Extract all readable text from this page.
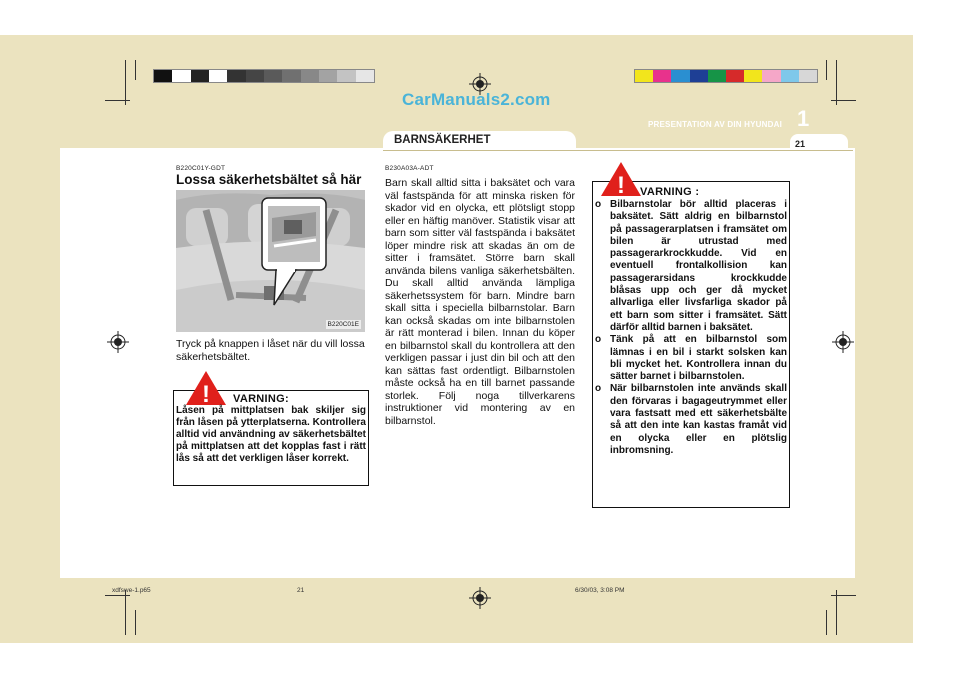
CarManuals2.com
BARNSÄKERHET
PRESENTATION AV DIN HYUNDAI 1
21
B220C01Y-GDT
Lossa säkerhetsbältet så här
B220C01E
Tryck på knappen i låset när du vill lossa säkerhetsbältet.
! VARNING:
Låsen på mittplatsen bak skiljer sig från låsen på ytterplatserna. Kontrollera alltid vid användning av säkerhetsbältet på mittplatsen att det kopplas fast i rätt lås så att det verkligen låser korrekt.
B230A03A-ADT
Barn skall alltid sitta i baksätet och vara väl fastspända för att minska risken för skador vid en olycka, ett plötsligt stopp eller en häftig manöver. Statistik visar att barn som sitter väl fastspända i baksätet löper mindre risk att skadas än om de sitter i framsätet. Större barn skall använda bilens vanliga säkerhetsbälten. Du skall alltid använda lämpliga säkerhetssystem för barn. Mindre barn skall sitta i speciella bilbarnstolar. Barn kan också skadas om inte bilbarnstolen är rätt monterad i bilen. Innan du köper en bilbarnstol skall du kontrollera att den verkligen passar i just din bil och att den kan sättas fast ordentligt. Bilbarnstolen måste också ha en till barnet passande storlek. Följ noga tillverkarens instruktioner vid montering av en bilbarnstol.
! VARNING :
o Bilbarnstolar bör alltid placeras i baksätet. Sätt aldrig en bilbarnstol på passagerarplatsen i framsätet om bilen är utrustad med passagerarkrockkudde. Vid en eventuell frontalkollision kan passagerarsidans krockkudde blåsas upp och ger då mycket allvarliga eller livsfarliga skador på ett barn som sitter i framsätet. Sätt därför alltid barnen i baksätet.
o Tänk på att en bilbarnstol som lämnas i en bil i starkt solsken kan bli mycket het. Kontrollera innan du sätter barnet i bilbarnstolen.
o När bilbarnstolen inte används skall den förvaras i bagageutrymmet eller vara fastsatt med ett säkerhetsbälte så att den inte kan kastas framåt vid en olycka eller en plötslig inbromsning.
xdfswe-1.p65	21	6/30/03, 3:08 PM
